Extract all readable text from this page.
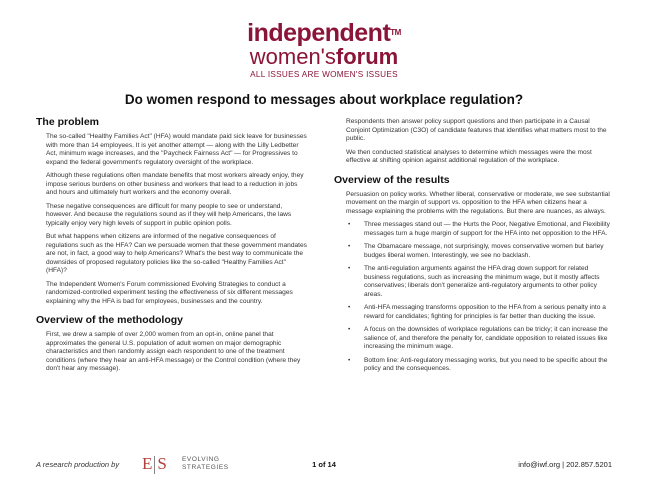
independent™
women'sforum
ALL ISSUES ARE WOMEN'S ISSUES
Do women respond to messages about workplace regulation?
The problem

The so-called "Healthy Families Act" (HFA) would mandate paid sick leave for businesses with more than 14 employees. It is yet another attempt — along with the Lilly Ledbetter Act, minimum wage increases, and the "Paycheck Fairness Act" — for Progressives to expand the federal government's regulatory oversight of the workplace.

Although these regulations often mandate benefits that most workers already enjoy, they impose serious burdens on other business and workers that lead to a reduction in jobs and hours and ultimately hurt workers and the economy overall.

These negative consequences are difficult for many people to see or understand, however. And because the regulations sound as if they will help Americans, the laws typically enjoy very high levels of support in public opinion polls.

But what happens when citizens are informed of the negative consequences of regulations such as the HFA? Can we persuade women that these government mandates are not, in fact, a good way to help Americans? What's the best way to communicate the downsides of proposed regulatory policies like the so-called "Healthy Families Act" (HFA)?

The Independent Women's Forum commissioned Evolving Strategies to conduct a randomized-controlled experiment testing the effectiveness of six different messages explaining why the HFA is bad for employees, businesses and the country.

Overview of the methodology

First, we drew a sample of over 2,000 women from an opt-in, online panel that approximates the general U.S. population of adult women on major demographic characteristics and then randomly assign each respondent to one of the treatment conditions (where they hear an anti-HFA message) or the Control condition (where they don't hear any message).

Respondents then answer policy support questions and then participate in a Causal Conjoint Optimization (C3O) of candidate features that identifies what matters most to the public.

We then conducted statistical analyses to determine which messages were the most effective at shifting opinion against additional regulation of the workplace.

Overview of the results

Persuasion on policy works. Whether liberal, conservative or moderate, we see substantial movement on the margin of support vs. opposition to the HFA when citizens hear a message explaining the problems with the regulations. But there are nuances, as always.

• Three messages stand out — the Hurts the Poor, Negative Emotional, and Flexibility messages turn a huge margin of support for the HFA into net opposition to the HFA.
• The Obamacare message, not surprisingly, moves conservative women but barley budges liberal women. Interestingly, we see no backlash.
• The anti-regulation arguments against the HFA drag down support for related business regulations, such as increasing the minimum wage, but it mostly affects conservatives; liberals don't generalize anti-regulatory arguments to other policy areas.
• Anti-HFA messaging transforms opposition to the HFA from a serious penalty into a reward for candidates; fighting for principles is far better than ducking the issue.
• A focus on the downsides of workplace regulations can be tricky; it can increase the salience of, and therefore the penalty for, candidate opposition to related issues like increasing the minimum wage.
• Bottom line: Anti-regulatory messaging works, but you need to be specific about the policy and the consequences.
A research production by E S EVOLVING
STRATEGIES	1 of 14	info@iwf.org | 202.857.5201
